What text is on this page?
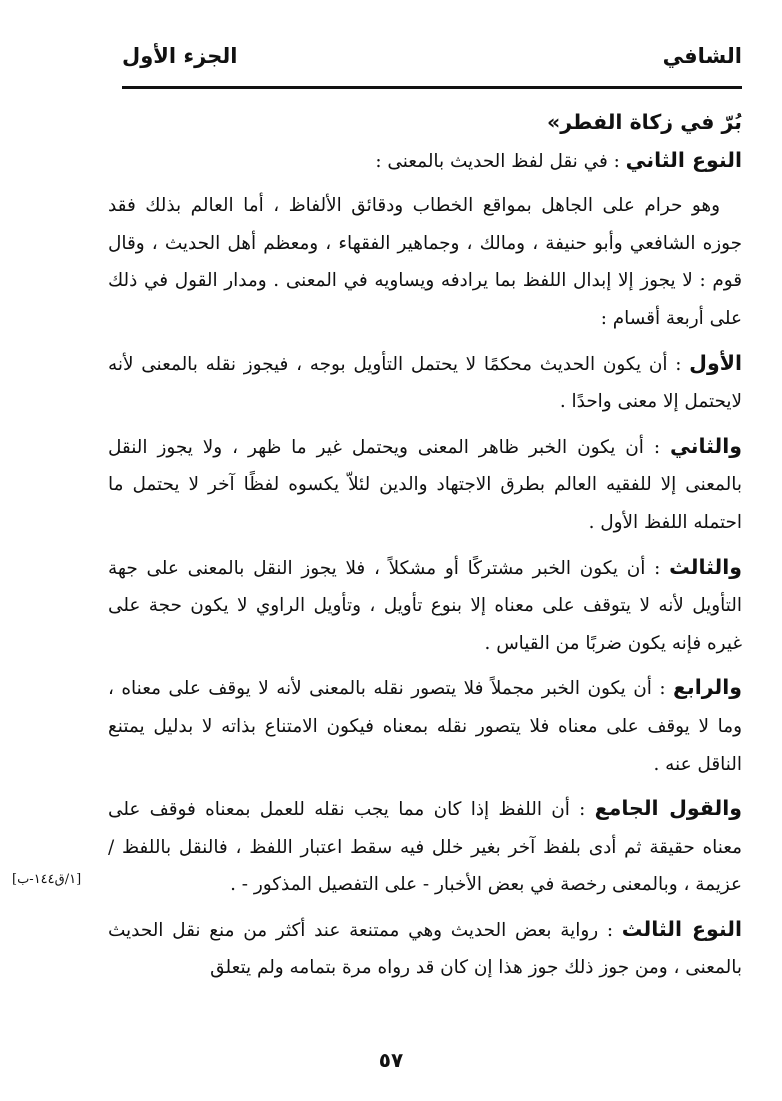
الشافي
الجزء الأول

بُرّ في زكاة الفطر»

النوع الثاني : في نقل لفظ الحديث بالمعنى :

وهو حرام على الجاهل بمواقع الخطاب ودقائق الألفاظ ، أما العالم بذلك فقد جوزه الشافعي وأبو حنيفة ، ومالك ، وجماهير الفقهاء ، ومعظم أهل الحديث ، وقال قوم : لا يجوز إلا إبدال اللفظ بما يرادفه ويساويه في المعنى . ومدار القول في ذلك على أربعة أقسام :

الأول : أن يكون الحديث محكمًا لا يحتمل التأويل بوجه ، فيجوز نقله بالمعنى لأنه لايحتمل إلا معنى واحدًا .

والثاني : أن يكون الخبر ظاهر المعنى ويحتمل غير ما ظهر ، ولا يجوز النقل بالمعنى إلا للفقيه العالم بطرق الاجتهاد والدين لئلاّ يكسوه لفظًا آخر لا يحتمل ما احتمله اللفظ الأول .

والثالث : أن يكون الخبر مشتركًا أو مشكلاً ، فلا يجوز النقل بالمعنى على جهة التأويل لأنه لا يتوقف على معناه إلا بنوع تأويل ، وتأويل الراوي لا يكون حجة على غيره فإنه يكون ضربًا من القياس .

والرابع : أن يكون الخبر مجملاً فلا يتصور نقله بالمعنى لأنه لا يوقف على معناه ، وما لا يوقف على معناه فلا يتصور نقله بمعناه فيكون الامتناع بذاته لا بدليل يمتنع الناقل عنه .

والقول الجامع : أن اللفظ إذا كان مما يجب نقله للعمل بمعناه فوقف على معناه حقيقة ثم أدى بلفظ آخر بغير خلل فيه سقط اعتبار اللفظ ، فالنقل باللفظ / عزيمة ، وبالمعنى رخصة في بعض الأخبار - على التفصيل المذكور - .

النوع الثالث : رواية بعض الحديث وهي ممتنعة عند أكثر من منع نقل الحديث بالمعنى ، ومن جوز ذلك جوز هذا إن كان قد رواه مرة بتمامه ولم يتعلق

[١/ق١٤٤-ب]
٥٧
